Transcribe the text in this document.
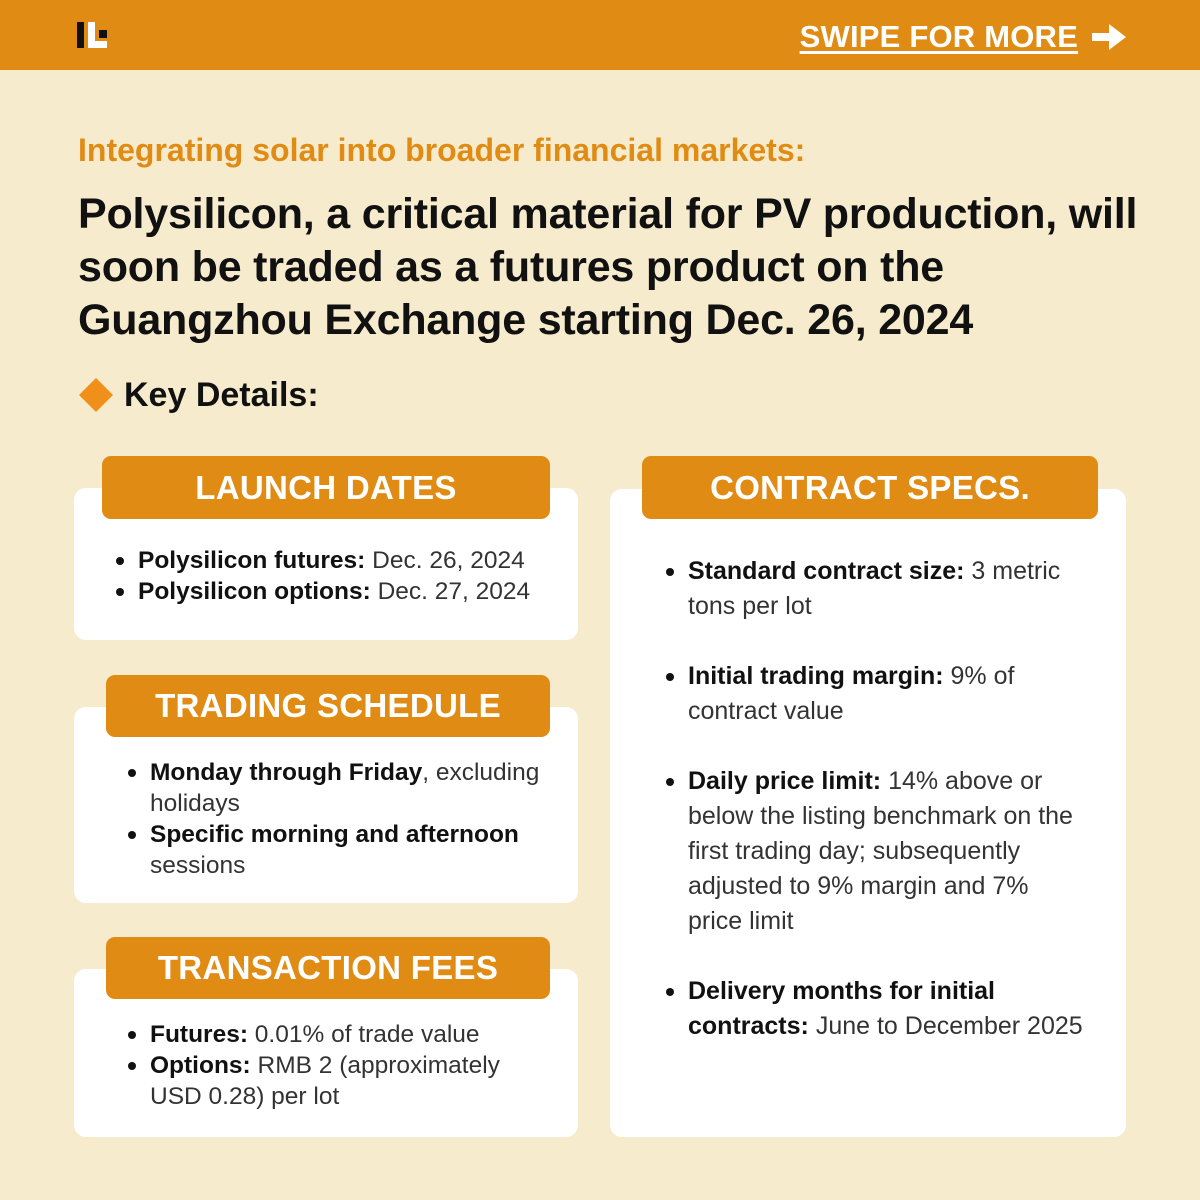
SWIPE FOR MORE
Integrating solar into broader financial markets:
Polysilicon, a critical material for PV production, will soon be traded as a futures product on the Guangzhou Exchange starting Dec. 26, 2024
Key Details:
Polysilicon futures: Dec. 26, 2024
Polysilicon options: Dec. 27, 2024
LAUNCH DATES
Monday through Friday, excluding holidays
Specific morning and afternoon sessions
TRADING SCHEDULE
Futures: 0.01% of trade value
Options: RMB 2 (approximately USD 0.28) per lot
TRANSACTION FEES
Standard contract size: 3 metric tons per lot
Initial trading margin: 9% of contract value
Daily price limit: 14% above or below the listing benchmark on the first trading day; subsequently adjusted to 9% margin and 7% price limit
Delivery months for initial contracts: June to December 2025
CONTRACT SPECS.
